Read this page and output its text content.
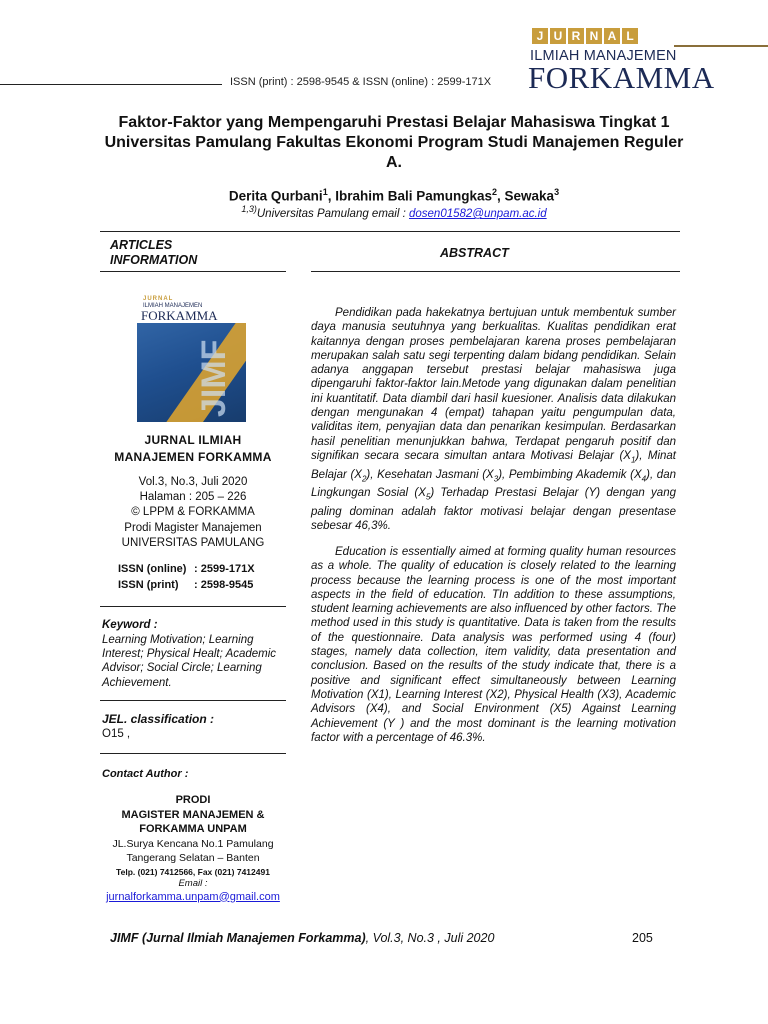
ISSN (print) : 2598-9545 & ISSN (online) : 2599-171X
J U R N A L
ILMIAH MANAJEMEN
FORKAMMA
Faktor-Faktor yang Mempengaruhi Prestasi Belajar Mahasiswa Tingkat 1 Universitas Pamulang Fakultas Ekonomi Program Studi Manajemen Reguler A.
Derita Qurbani$^1$, Ibrahim Bali Pamungkas$^2$, Sewaka$^3$
$^{1,3)}$Universitas Pamulang email : dosen01582@unpam.ac.id
ARTICLES
INFORMATION	ABSTRACT
JURNAL
ILMIAH MANAJEMEN
FORKAMMA
JIMF
JURNAL ILMIAH
MANAJEMEN FORKAMMA
Vol.3, No.3, Juli 2020
Halaman : 205 – 226
© LPPM & FORKAMMA
Prodi Magister Manajemen
UNIVERSITAS PAMULANG
ISSN (online) : 2599-171X
ISSN (print) : 2598-9545
Keyword :
Learning Motivation; Learning Interest; Physical Healt; Academic Advisor; Social Circle; Learning Achievement.
JEL. classification :
O15 ,
Contact Author :
PRODI
MAGISTER MANAJEMEN &
FORKAMMA UNPAM
JL.Surya Kencana No.1 Pamulang
Tangerang Selatan – Banten
Telp. (021) 7412566, Fax (021) 7412491
Email :
jurnalforkamma.unpam@gmail.com
Pendidikan pada hakekatnya bertujuan untuk membentuk sumber daya manusia seutuhnya yang berkualitas. Kualitas pendidikan erat kaitannya dengan proses pembelajaran karena proses pembelajaran merupakan salah satu segi terpenting dalam bidang pendidikan. Selain adanya anggapan tersebut prestasi belajar mahasiswa juga dipengaruhi faktor-faktor lain.Metode yang digunakan dalam penelitian ini kuantitatif. Data diambil dari hasil kuesioner. Analisis data dilakukan dengan mengunakan 4 (empat) tahapan yaitu pengumpulan data, validitas item, penyajian data dan penarikan kesimpulan. Berdasarkan hasil penelitian menunjukkan bahwa, Terdapat pengaruh positif dan signifikan secara secara simultan antara Motivasi Belajar $(X_1)$, Minat Belajar $(X_2)$, Kesehatan Jasmani $(X_3)$, Pembimbing Akademik $(X_4)$, dan Lingkungan Sosial $(X_5)$ Terhadap Prestasi Belajar (Y) dengan yang paling dominan adalah faktor motivasi belajar dengan presentase sebesar 46,3%.
Education is essentially aimed at forming quality human resources as a whole. The quality of education is closely related to the learning process because the learning process is one of the most important aspects in the field of education. TIn addition to these assumptions, student learning achievements are also influenced by other factors. The method used in this study is quantitative. Data is taken from the results of the questionnaire. Data analysis was performed using 4 (four) stages, namely data collection, item validity, data presentation and conclusion. Based on the results of the study indicate that, there is a positive and significant effect simultaneously between Learning Motivation (X1), Learning Interest (X2), Physical Health (X3), Academic Advisors (X4), and Social Environment (X5) Against Learning Achievement (Y ) and the most dominant is the learning motivation factor with a percentage of 46.3%.
JIMF (Jurnal Ilmiah Manajemen Forkamma), Vol.3, No.3 , Juli 2020	205
